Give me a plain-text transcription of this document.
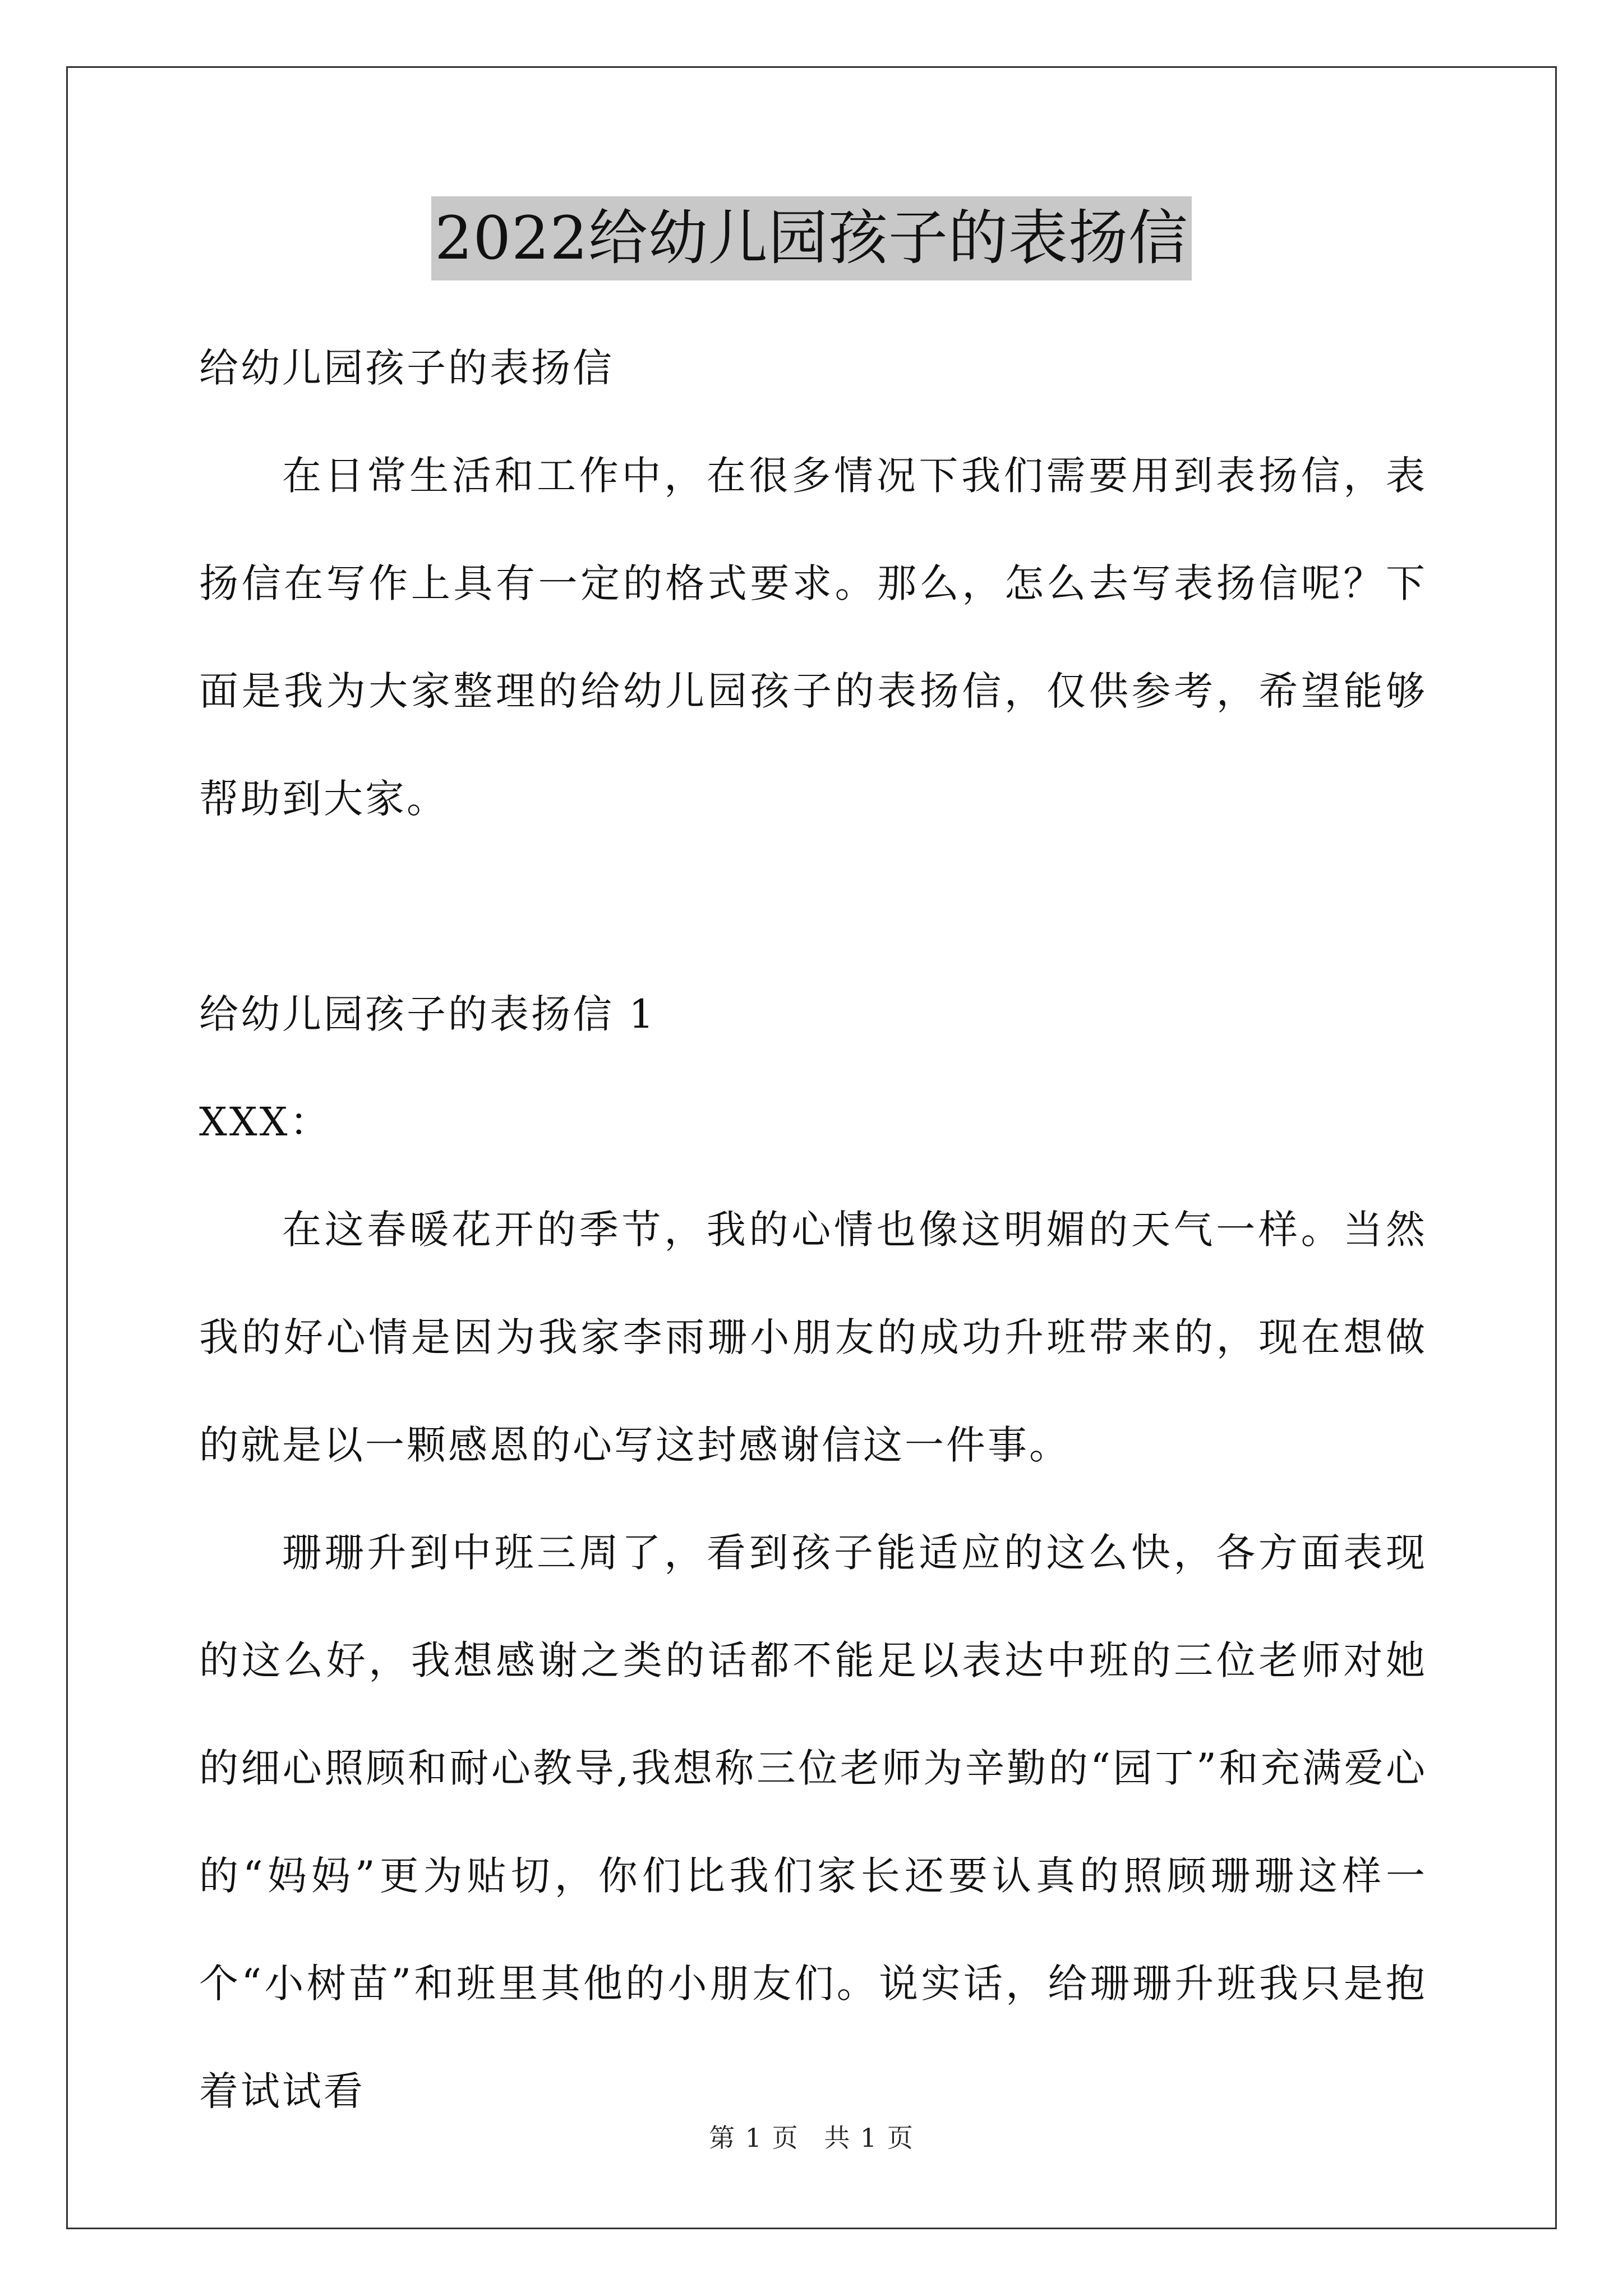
2022给幼儿园孩子的表扬信

给幼儿园孩子的表扬信

在日常生活和工作中，在很多情况下我们需要用到表扬信，表扬信在写作上具有一定的格式要求。那么，怎么去写表扬信呢？下面是我为大家整理的给幼儿园孩子的表扬信，仅供参考，希望能够帮助到大家。

给幼儿园孩子的表扬信 1

XXX：

在这春暖花开的季节，我的心情也像这明媚的天气一样。当然我的好心情是因为我家李雨珊小朋友的成功升班带来的，现在想做的就是以一颗感恩的心写这封感谢信这一件事。

珊珊升到中班三周了，看到孩子能适应的这么快，各方面表现的这么好，我想感谢之类的话都不能足以表达中班的三位老师对她的细心照顾和耐心教导,我想称三位老师为辛勤的“园丁”和充满爱心的“妈妈”更为贴切，你们比我们家长还要认真的照顾珊珊这样一个“小树苗”和班里其他的小朋友们。说实话，给珊珊升班我只是抱着试试看

第 1 页 共 1 页
